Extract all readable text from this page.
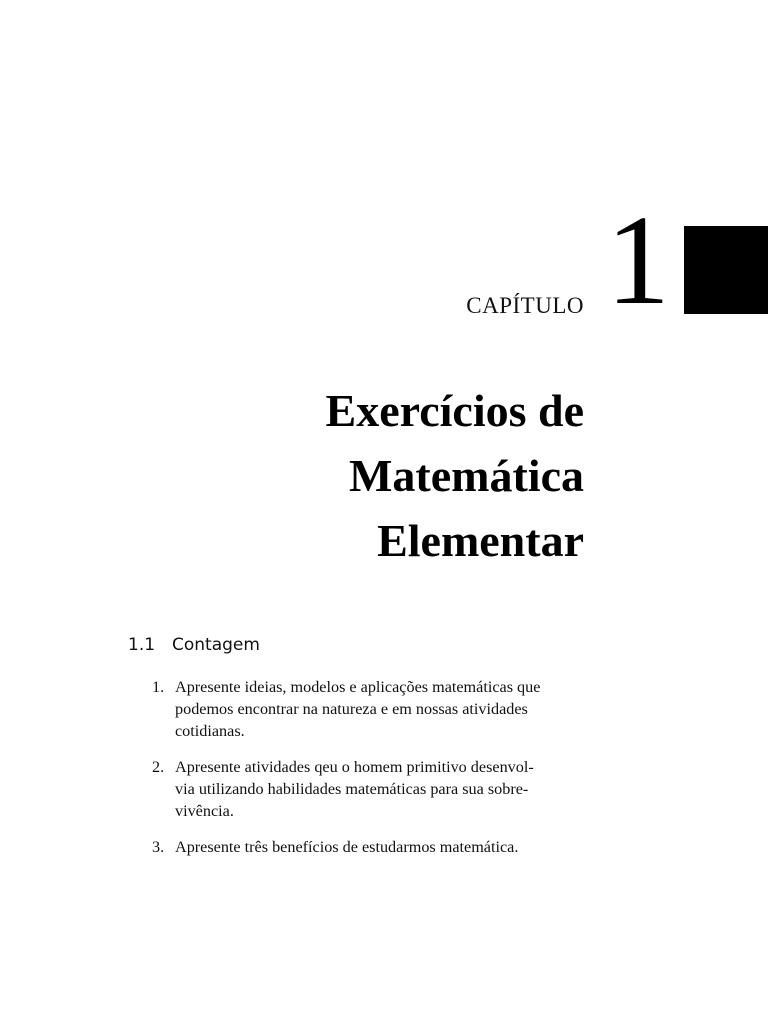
1
CAPÍTULO
Exercícios de
Matemática
Elementar
1.1 Contagem
1. Apresente ideias, modelos e aplicações matemáticas que
podemos encontrar na natureza e em nossas atividades
cotidianas.
2. Apresente atividades qeu o homem primitivo desenvol-
via utilizando habilidades matemáticas para sua sobre-
vivência.
3. Apresente três benefícios de estudarmos matemática.
